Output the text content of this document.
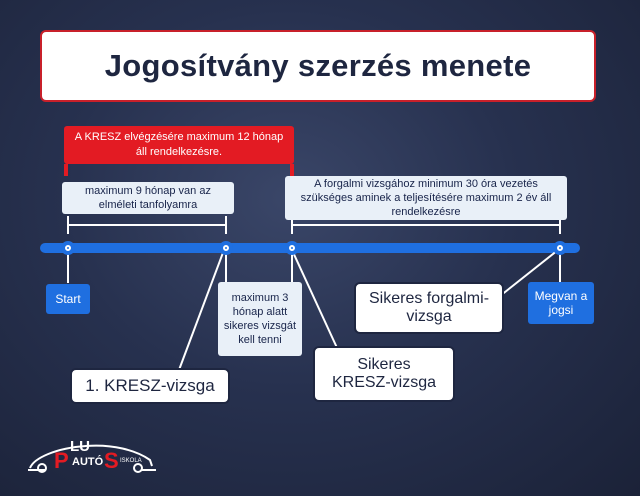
Jogosítvány szerzés menete
A KRESZ elvégzésére maximum 12 hónap áll rendelkezésre.
maximum 9 hónap van az elméleti tanfolyamra
A forgalmi vizsgához minimum 30 óra vezetés szükséges aminek a teljesítésére maximum 2 év áll rendelkezésre
Start	Megvan a jogsi
maximum 3 hónap alatt sikeres vizsgát kell tenni
1. KRESZ-vizsga
Sikeres KRESZ-vizsga
Sikeres forgalmi-vizsga
LU
P AUTÓ S ISKOLA
